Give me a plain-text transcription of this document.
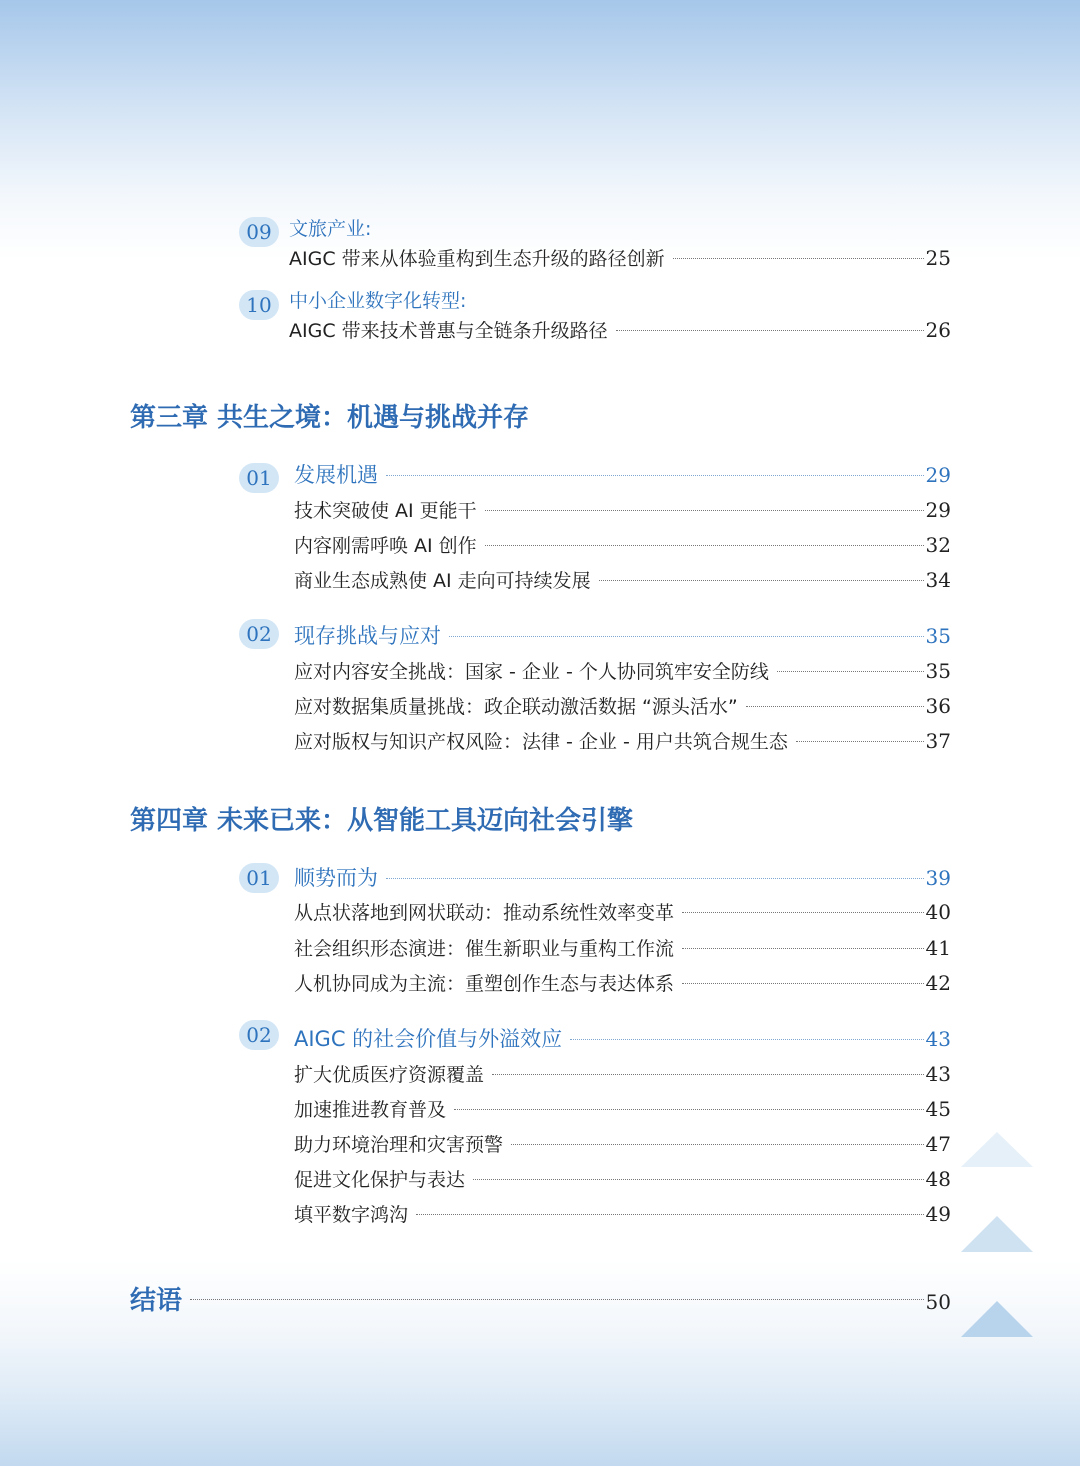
09 文旅产业:
AIGC 带来从体验重构到生态升级的路径创新	25
10 中小企业数字化转型:
AIGC 带来技术普惠与全链条升级路径	26
第三章 共生之境：机遇与挑战并存
01	发展机遇	29
技术突破使 AI 更能干	29
内容刚需呼唤 AI 创作	32
商业生态成熟使 AI 走向可持续发展	34
02	现存挑战与应对	35
应对内容安全挑战：国家 - 企业 - 个人协同筑牢安全防线	35
应对数据集质量挑战：政企联动激活数据 “源头活水”	36
应对版权与知识产权风险：法律 - 企业 - 用户共筑合规生态	37
第四章 未来已来：从智能工具迈向社会引擎
01	顺势而为	39
从点状落地到网状联动：推动系统性效率变革	40
社会组织形态演进：催生新职业与重构工作流	41
人机协同成为主流：重塑创作生态与表达体系	42
02	AIGC 的社会价值与外溢效应	43
扩大优质医疗资源覆盖	43
加速推进教育普及	45
助力环境治理和灾害预警	47
促进文化保护与表达	48
填平数字鸿沟	49
结语	50
